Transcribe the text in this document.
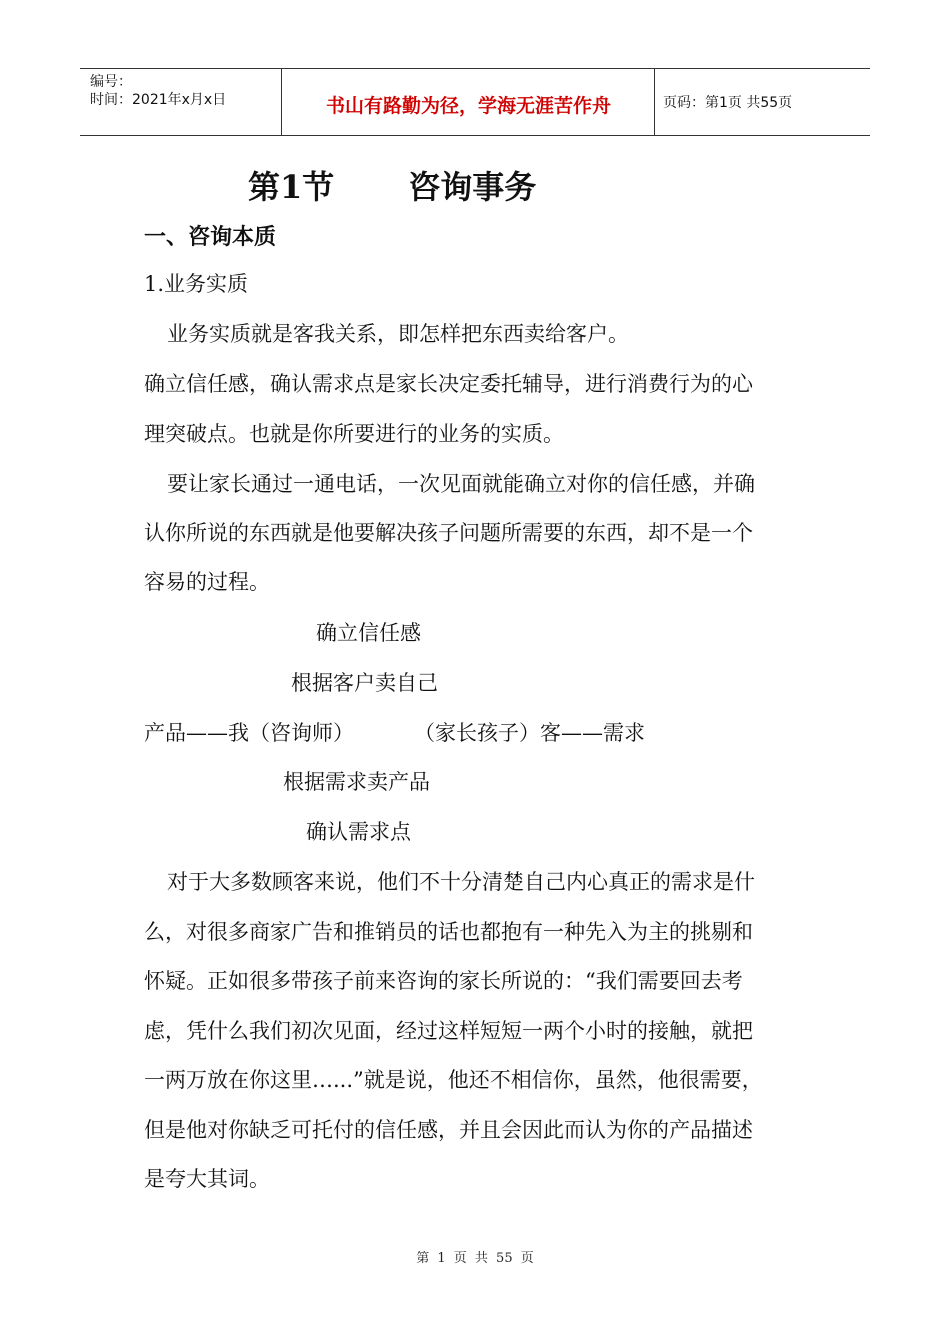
编号：
时间：2021年x月x日	书山有路勤为径，学海无涯苦作舟	页码：第1页 共55页
第1节 咨询事务
一、咨询本质
1.业务实质
业务实质就是客我关系，即怎样把东西卖给客户。
确立信任感，确认需求点是家长决定委托辅导，进行消费行为的心
理突破点。也就是你所要进行的业务的实质。
要让家长通过一通电话，一次见面就能确立对你的信任感，并确
认你所说的东西就是他要解决孩子问题所需要的东西，却不是一个
容易的过程。
确立信任感
根据客户卖自己
产品——我（咨询师）	（家长孩子）客——需求
根据需求卖产品
确认需求点
对于大多数顾客来说，他们不十分清楚自己内心真正的需求是什
么，对很多商家广告和推销员的话也都抱有一种先入为主的挑剔和
怀疑。正如很多带孩子前来咨询的家长所说的：“我们需要回去考
虑，凭什么我们初次见面，经过这样短短一两个小时的接触，就把
一两万放在你这里…...”就是说，他还不相信你，虽然，他很需要，
但是他对你缺乏可托付的信任感，并且会因此而认为你的产品描述
是夸大其词。
第 1 页 共 55 页
